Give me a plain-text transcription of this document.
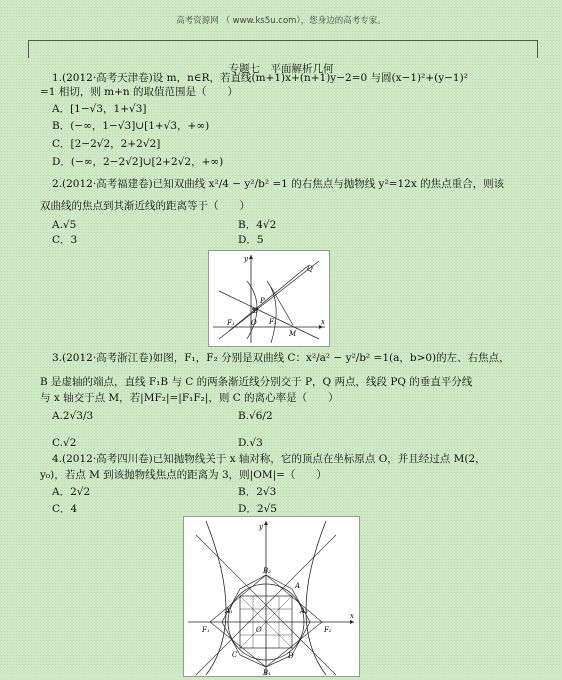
高考资源网 （ www.ks5u.com），您身边的高考专家。
专题七　平面解析几何
1.(2012·高考天津卷)设 m，n∈R，若直线(m+1)x+(n+1)y−2=0 与圆(x−1)²+(y−1)²
=1 相切，则 m+n 的取值范围是（　　）
A．[1−√3，1+√3]
B．(−∞，1−√3]∪[1+√3，+∞)
C．[2−2√2，2+2√2]
D．(−∞，2−2√2]∪[2+2√2，+∞)
2.(2012·高考福建卷)已知双曲线 x²/4 − y²/b² =1 的右焦点与抛物线 y²=12x 的焦点重合，则该
双曲线的焦点到其渐近线的距离等于（　　）
A.√5	B．4√2
C．3	D．5
y
Q
P
B
F₁ O F₂
M
x
3.(2012·高考浙江卷)如图，F₁，F₂ 分别是双曲线 C：x²/a² − y²/b² =1(a，b>0)的左、右焦点，
B 是虚轴的端点，直线 F₁B 与 C 的两条渐近线分别交于 P，Q 两点，线段 PQ 的垂直平分线
与 x 轴交于点 M，若|MF₂|=|F₁F₂|，则 C 的离心率是（　　）
A.2√3/3	B.√6/2
C.√2	D.√3
4.(2012·高考四川卷)已知抛物线关于 x 轴对称，它的顶点在坐标原点 O，并且经过点 M(2，
y₀)，若点 M 到该抛物线焦点的距离为 3，则|OM|=（　　）
A．2√2	B．2√3
C．4	D．2√5
y
B₂
A
A₁	A₂
F₁	O	F₂
x
C	D
B₁
